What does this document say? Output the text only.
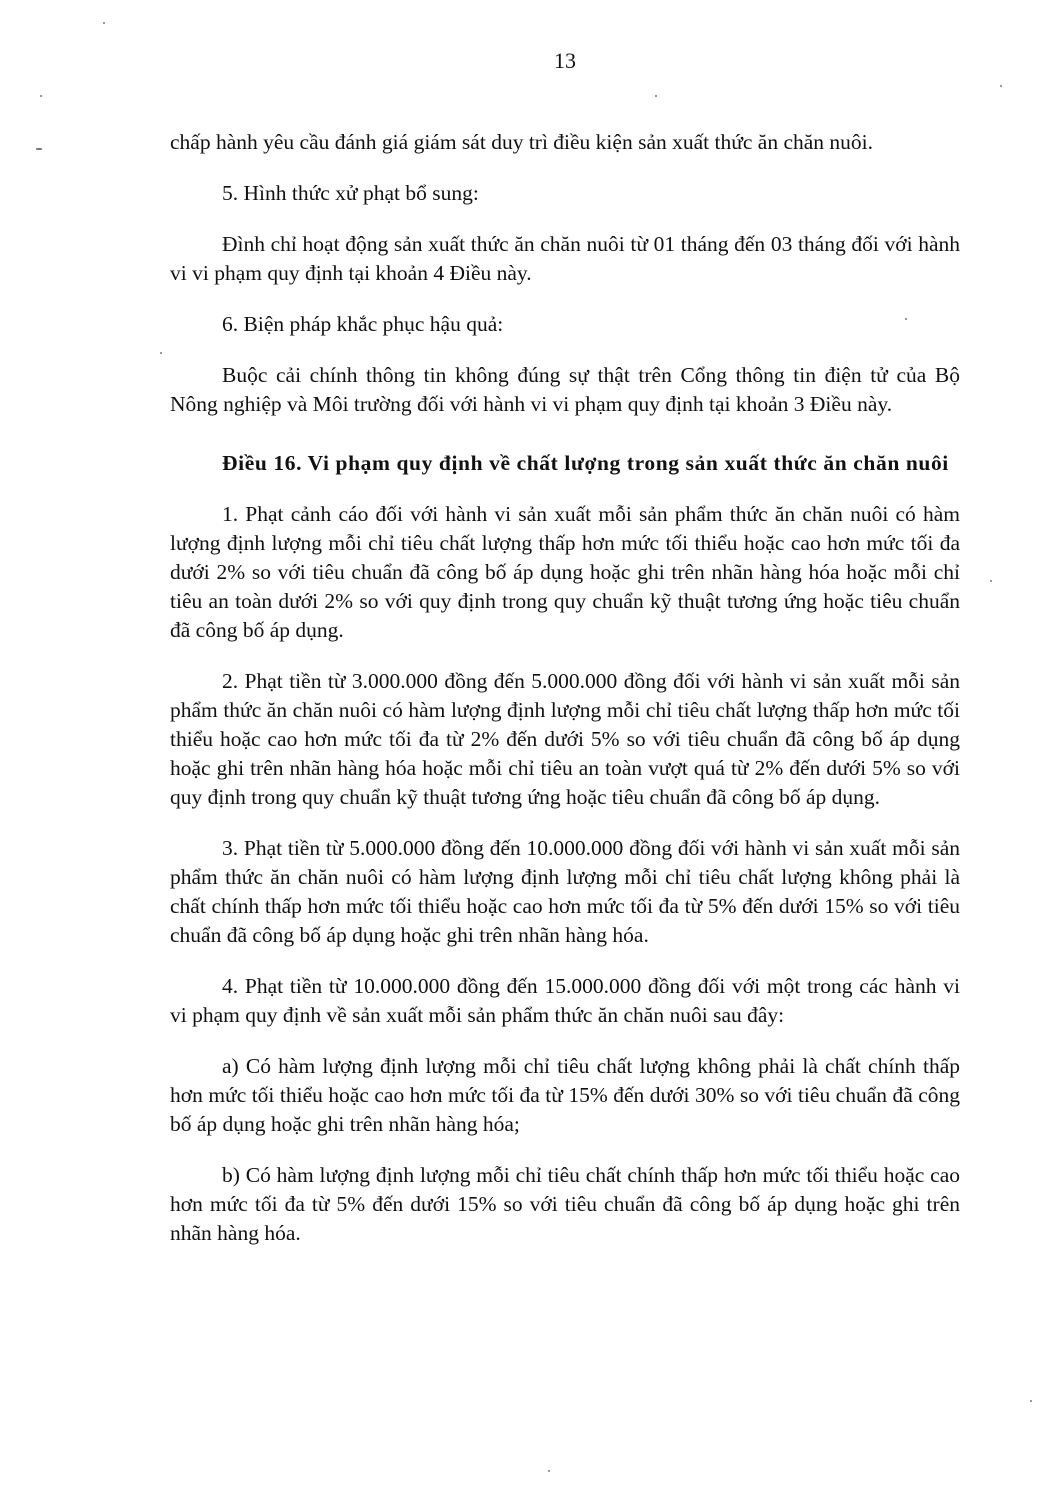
13

chấp hành yêu cầu đánh giá giám sát duy trì điều kiện sản xuất thức ăn chăn nuôi.

5. Hình thức xử phạt bổ sung:

Đình chỉ hoạt động sản xuất thức ăn chăn nuôi từ 01 tháng đến 03 tháng đối với hành vi vi phạm quy định tại khoản 4 Điều này.

6. Biện pháp khắc phục hậu quả:

Buộc cải chính thông tin không đúng sự thật trên Cổng thông tin điện tử của Bộ Nông nghiệp và Môi trường đối với hành vi vi phạm quy định tại khoản 3 Điều này.

Điều 16. Vi phạm quy định về chất lượng trong sản xuất thức ăn chăn nuôi

1. Phạt cảnh cáo đối với hành vi sản xuất mỗi sản phẩm thức ăn chăn nuôi có hàm lượng định lượng mỗi chỉ tiêu chất lượng thấp hơn mức tối thiểu hoặc cao hơn mức tối đa dưới 2% so với tiêu chuẩn đã công bố áp dụng hoặc ghi trên nhãn hàng hóa hoặc mỗi chỉ tiêu an toàn dưới 2% so với quy định trong quy chuẩn kỹ thuật tương ứng hoặc tiêu chuẩn đã công bố áp dụng.

2. Phạt tiền từ 3.000.000 đồng đến 5.000.000 đồng đối với hành vi sản xuất mỗi sản phẩm thức ăn chăn nuôi có hàm lượng định lượng mỗi chỉ tiêu chất lượng thấp hơn mức tối thiểu hoặc cao hơn mức tối đa từ 2% đến dưới 5% so với tiêu chuẩn đã công bố áp dụng hoặc ghi trên nhãn hàng hóa hoặc mỗi chỉ tiêu an toàn vượt quá từ 2% đến dưới 5% so với quy định trong quy chuẩn kỹ thuật tương ứng hoặc tiêu chuẩn đã công bố áp dụng.

3. Phạt tiền từ 5.000.000 đồng đến 10.000.000 đồng đối với hành vi sản xuất mỗi sản phẩm thức ăn chăn nuôi có hàm lượng định lượng mỗi chỉ tiêu chất lượng không phải là chất chính thấp hơn mức tối thiểu hoặc cao hơn mức tối đa từ 5% đến dưới 15% so với tiêu chuẩn đã công bố áp dụng hoặc ghi trên nhãn hàng hóa.

4. Phạt tiền từ 10.000.000 đồng đến 15.000.000 đồng đối với một trong các hành vi vi phạm quy định về sản xuất mỗi sản phẩm thức ăn chăn nuôi sau đây:

a) Có hàm lượng định lượng mỗi chỉ tiêu chất lượng không phải là chất chính thấp hơn mức tối thiểu hoặc cao hơn mức tối đa từ 15% đến dưới 30% so với tiêu chuẩn đã công bố áp dụng hoặc ghi trên nhãn hàng hóa;

b) Có hàm lượng định lượng mỗi chỉ tiêu chất chính thấp hơn mức tối thiểu hoặc cao hơn mức tối đa từ 5% đến dưới 15% so với tiêu chuẩn đã công bố áp dụng hoặc ghi trên nhãn hàng hóa.
